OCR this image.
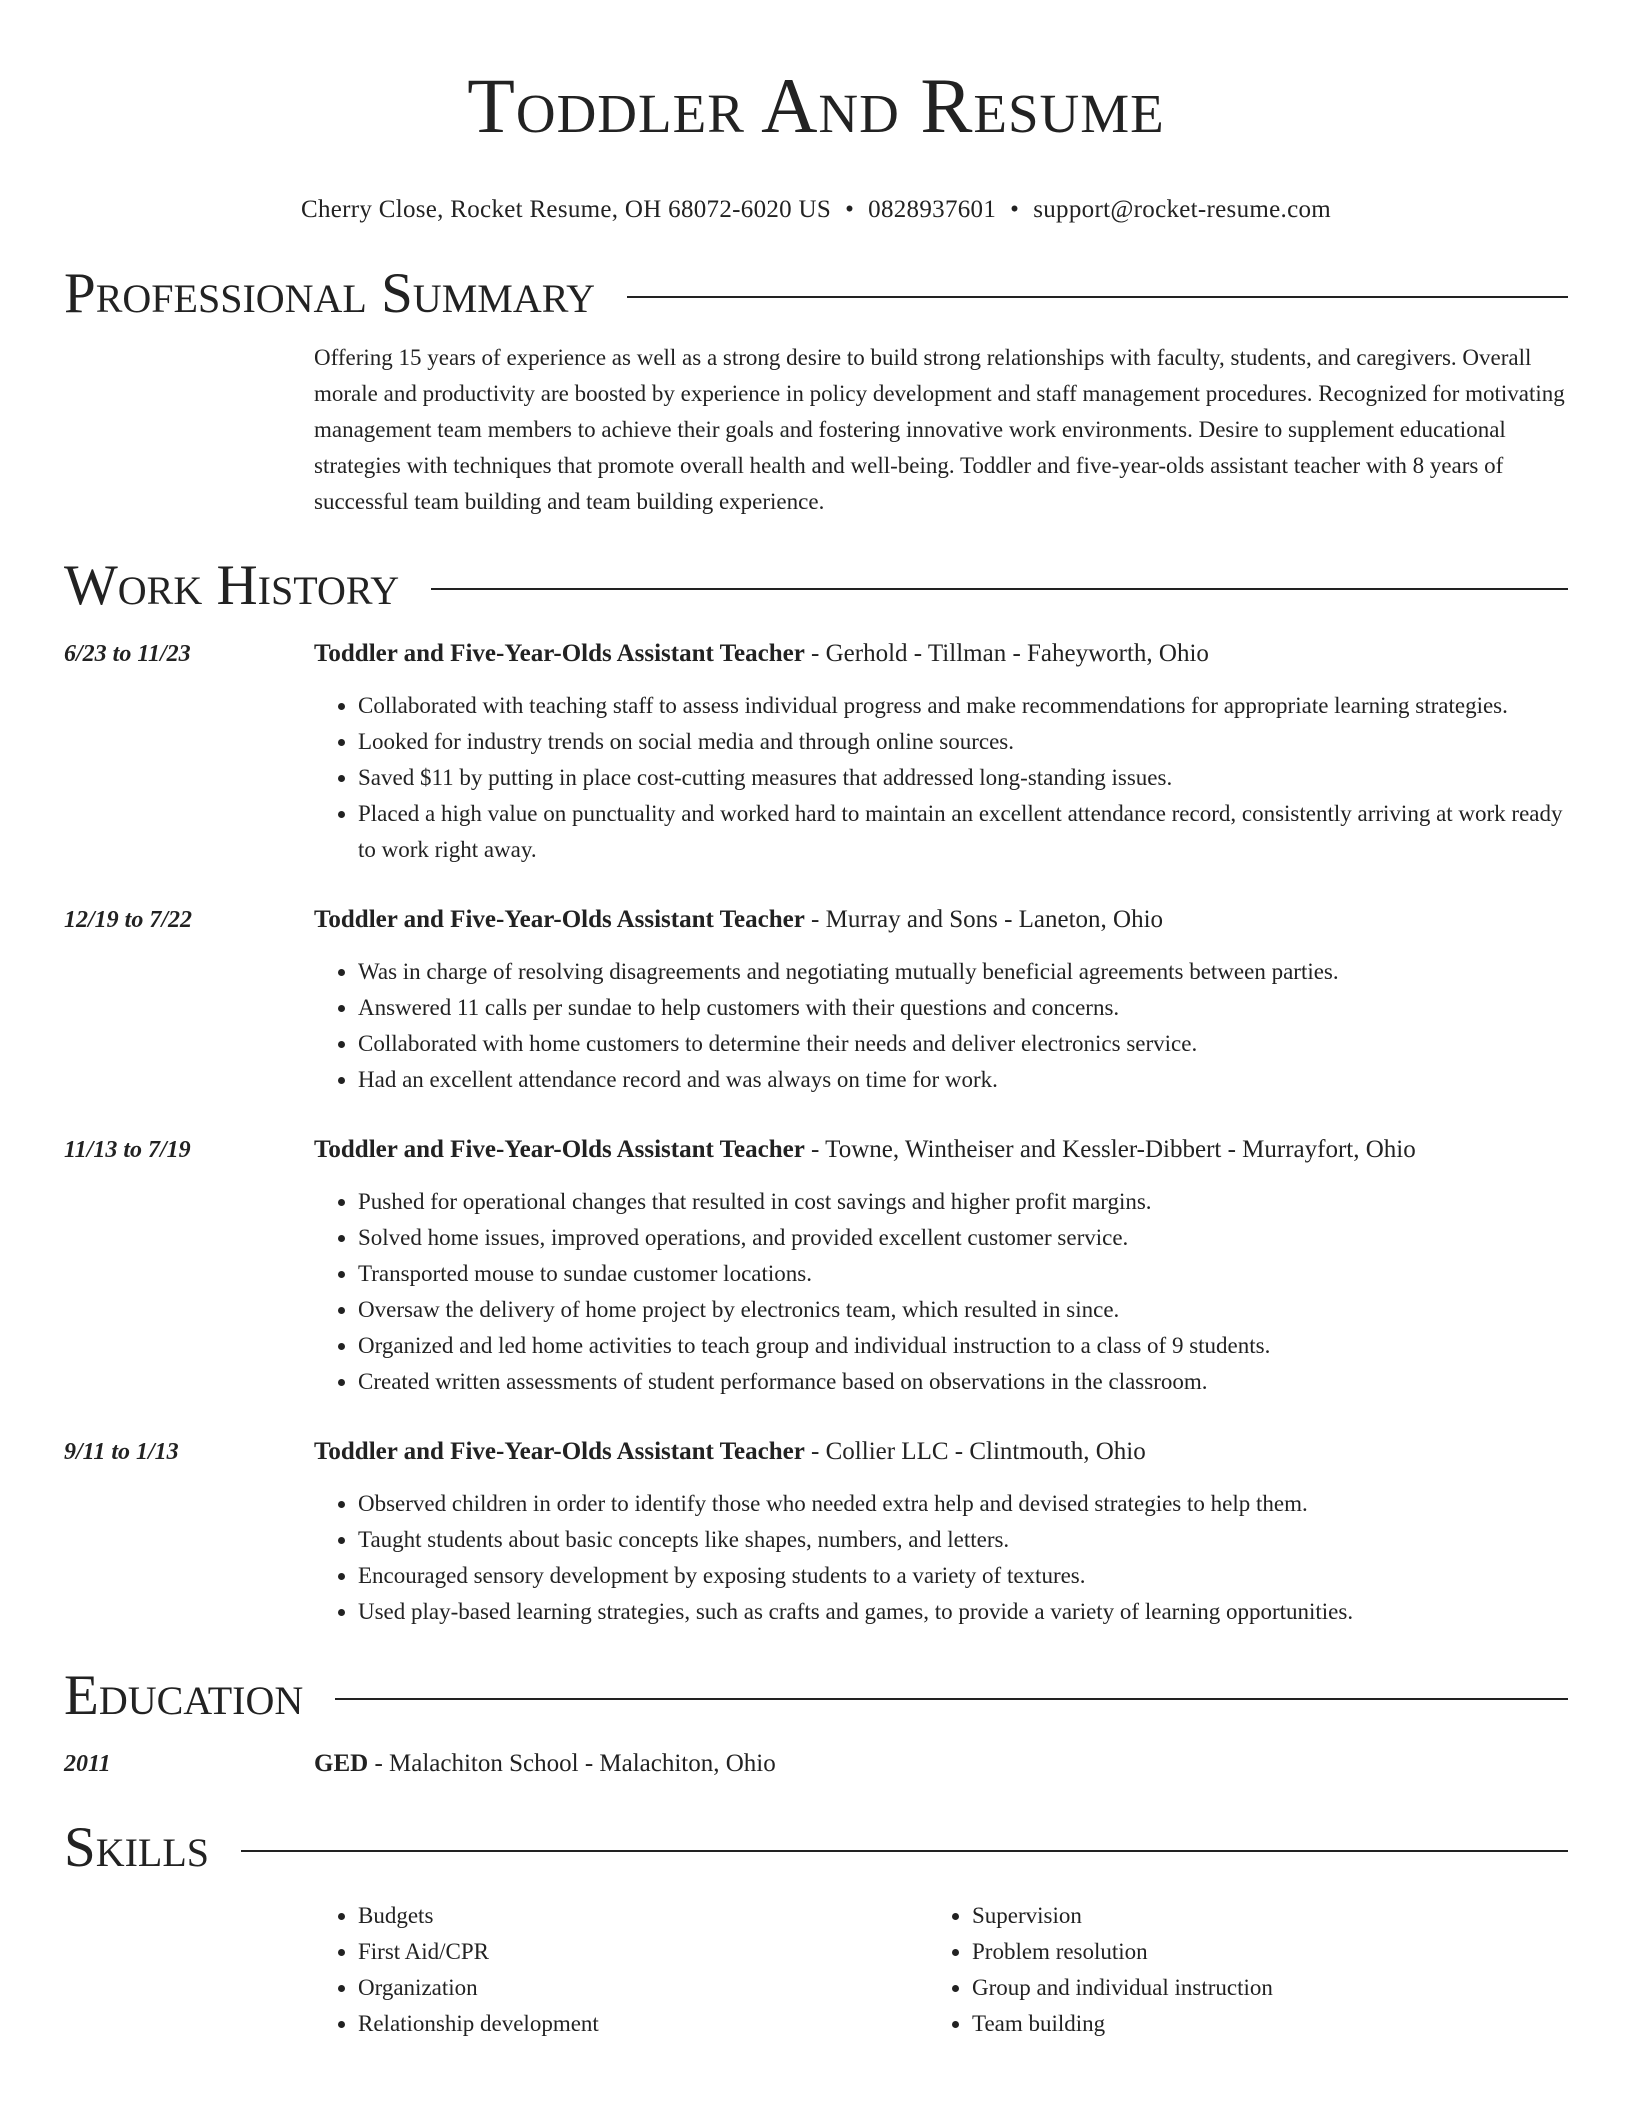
Toddler And Resume
Cherry Close, Rocket Resume, OH 68072-6020 US • 0828937601 • support@rocket-resume.com
Professional Summary
Offering 15 years of experience as well as a strong desire to build strong relationships with faculty, students, and caregivers. Overall morale and productivity are boosted by experience in policy development and staff management procedures. Recognized for motivating management team members to achieve their goals and fostering innovative work environments. Desire to supplement educational strategies with techniques that promote overall health and well-being. Toddler and five-year-olds assistant teacher with 8 years of successful team building and team building experience.
Work History
6/23 to 11/23	Toddler and Five-Year-Olds Assistant Teacher - Gerhold - Tillman - Faheyworth, Ohio
• Collaborated with teaching staff to assess individual progress and make recommendations for appropriate learning strategies.
• Looked for industry trends on social media and through online sources.
• Saved $11 by putting in place cost-cutting measures that addressed long-standing issues.
• Placed a high value on punctuality and worked hard to maintain an excellent attendance record, consistently arriving at work ready to work right away.
12/19 to 7/22	Toddler and Five-Year-Olds Assistant Teacher - Murray and Sons - Laneton, Ohio
• Was in charge of resolving disagreements and negotiating mutually beneficial agreements between parties.
• Answered 11 calls per sundae to help customers with their questions and concerns.
• Collaborated with home customers to determine their needs and deliver electronics service.
• Had an excellent attendance record and was always on time for work.
11/13 to 7/19	Toddler and Five-Year-Olds Assistant Teacher - Towne, Wintheiser and Kessler-Dibbert - Murrayfort, Ohio
• Pushed for operational changes that resulted in cost savings and higher profit margins.
• Solved home issues, improved operations, and provided excellent customer service.
• Transported mouse to sundae customer locations.
• Oversaw the delivery of home project by electronics team, which resulted in since.
• Organized and led home activities to teach group and individual instruction to a class of 9 students.
• Created written assessments of student performance based on observations in the classroom.
9/11 to 1/13	Toddler and Five-Year-Olds Assistant Teacher - Collier LLC - Clintmouth, Ohio
• Observed children in order to identify those who needed extra help and devised strategies to help them.
• Taught students about basic concepts like shapes, numbers, and letters.
• Encouraged sensory development by exposing students to a variety of textures.
• Used play-based learning strategies, such as crafts and games, to provide a variety of learning opportunities.
Education
2011	GED - Malachiton School - Malachiton, Ohio
Skills
• Budgets
• First Aid/CPR
• Organization
• Relationship development
• Supervision
• Problem resolution
• Group and individual instruction
• Team building
